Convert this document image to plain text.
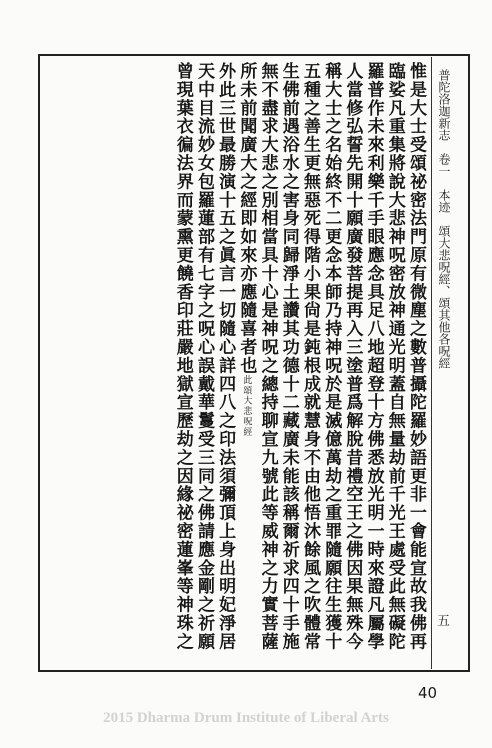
普陀洛迦新志　卷一　本迹　頌大悲呪經、頌其他各呪經
五
惟是大士受頌祕密法門原有微塵之數普攝陀羅妙語更非一會能宣故我佛再
臨娑凡重集將說大悲神呪密放神通光明蓋自無量劫前千光王處受此無礙陀
羅普作未來利樂千手眼應念具足八地超登十方佛悉放光明一時來證凡屬學
人當修弘誓先開十願廣發菩提再入三塗普爲解脫昔禮空王之佛因果無殊今
稱大士之名始終不二更念本師乃持神呪於是滅億萬劫之重罪隨願往生獲十
五種之善生更無惡死得階小果尙是鈍根成就慧身不由他悟沐餘風之吹體常
生佛前遇浴水之害身同歸淨土讚其功德十二藏廣未能該稱爾祈求四十手施
無不盡求大悲之別相當具十心是神呪之總持聊宣九號此等威神之力實菩薩
所未前聞廣大之經即如來亦應隨喜者也此頌大悲呪經
外此三世最勝演十五之眞言一切隨心詳四八之印法須彌頂上身出明妃淨居
天中目流妙女包羅蓮部有七字之呪心誤戴華鬘受三同之佛請應金剛之祈願
曾現葉衣徧法界而蒙熏更饒香印莊嚴地獄宣歷劫之因緣祕密蓮峯等神珠之
40
2015 Dharma Drum Institute of Liberal Arts
